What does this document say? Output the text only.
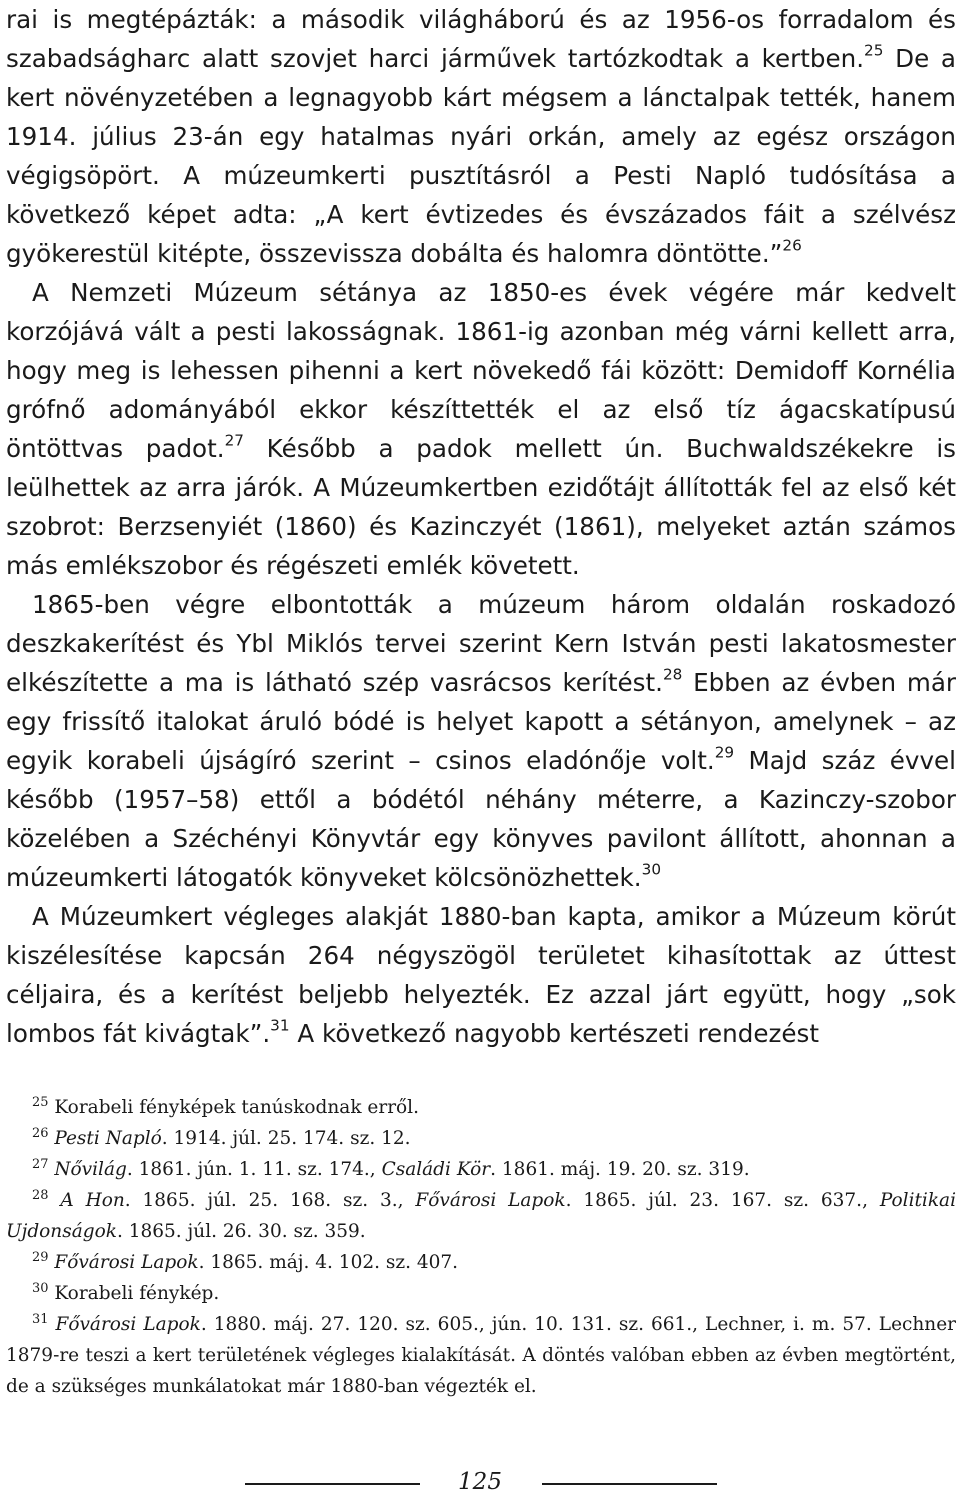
rai is megtépázták: a második világháború és az 1956-os forradalom és szabadságharc alatt szovjet harci járművek tartózkodtak a kertben.$^{25}$ De a kert növényzetében a legnagyobb kárt mégsem a lánctalpak tették, hanem 1914. július 23-án egy hatalmas nyári orkán, amely az egész országon végigsöpört. A múzeumkerti pusztításról a Pesti Napló tudósítása a következő képet adta: „A kert évtizedes és évszázados fáit a szélvész gyökerestül kitépte, összevissza dobálta és halomra döntötte.”$^{26}$

A Nemzeti Múzeum sétánya az 1850-es évek végére már kedvelt korzójává vált a pesti lakosságnak. 1861-ig azonban még várni kellett arra, hogy meg is lehessen pihenni a kert növekedő fái között: Demidoff Kornélia grófnő adományából ekkor készíttették el az első tíz ágacskatípusú öntöttvas padot.$^{27}$ Később a padok mellett ún. Buchwaldszékekre is leülhettek az arra járók. A Múzeumkertben ezidőtájt állították fel az első két szobrot: Berzsenyiét (1860) és Kazinczyét (1861), melyeket aztán számos más emlékszobor és régészeti emlék követett.

1865-ben végre elbontották a múzeum három oldalán roskadozó deszkakerítést és Ybl Miklós tervei szerint Kern István pesti lakatosmester elkészítette a ma is látható szép vasrácsos kerítést.$^{28}$ Ebben az évben már egy frissítő italokat áruló bódé is helyet kapott a sétányon, amelynek – az egyik korabeli újságíró szerint – csinos eladónője volt.$^{29}$ Majd száz évvel később (1957–58) ettől a bódétól néhány méterre, a Kazinczy-szobor közelében a Széchényi Könyvtár egy könyves pavilont állított, ahonnan a múzeumkerti látogatók könyveket kölcsönözhettek.$^{30}$

A Múzeumkert végleges alakját 1880-ban kapta, amikor a Múzeum körút kiszélesítése kapcsán 264 négyszögöl területet kihasítottak az úttest céljaira, és a kerítést beljebb helyezték. Ez azzal járt együtt, hogy „sok lombos fát kivágtak”.$^{31}$ A következő nagyobb kertészeti rendezést

$^{25}$ Korabeli fényképek tanúskodnak erről.

$^{26}$ Pesti Napló. 1914. júl. 25. 174. sz. 12.

$^{27}$ Nővilág. 1861. jún. 1. 11. sz. 174., Családi Kör. 1861. máj. 19. 20. sz. 319.

$^{28}$ A Hon. 1865. júl. 25. 168. sz. 3., Fővárosi Lapok. 1865. júl. 23. 167. sz. 637., Politikai Ujdonságok. 1865. júl. 26. 30. sz. 359.

$^{29}$ Fővárosi Lapok. 1865. máj. 4. 102. sz. 407.

$^{30}$ Korabeli fénykép.

$^{31}$ Fővárosi Lapok. 1880. máj. 27. 120. sz. 605., jún. 10. 131. sz. 661., Lechner, i. m. 57. Lechner 1879-re teszi a kert területének végleges kialakítását. A döntés valóban ebben az évben megtörtént, de a szükséges munkálatokat már 1880-ban végezték el.

125
